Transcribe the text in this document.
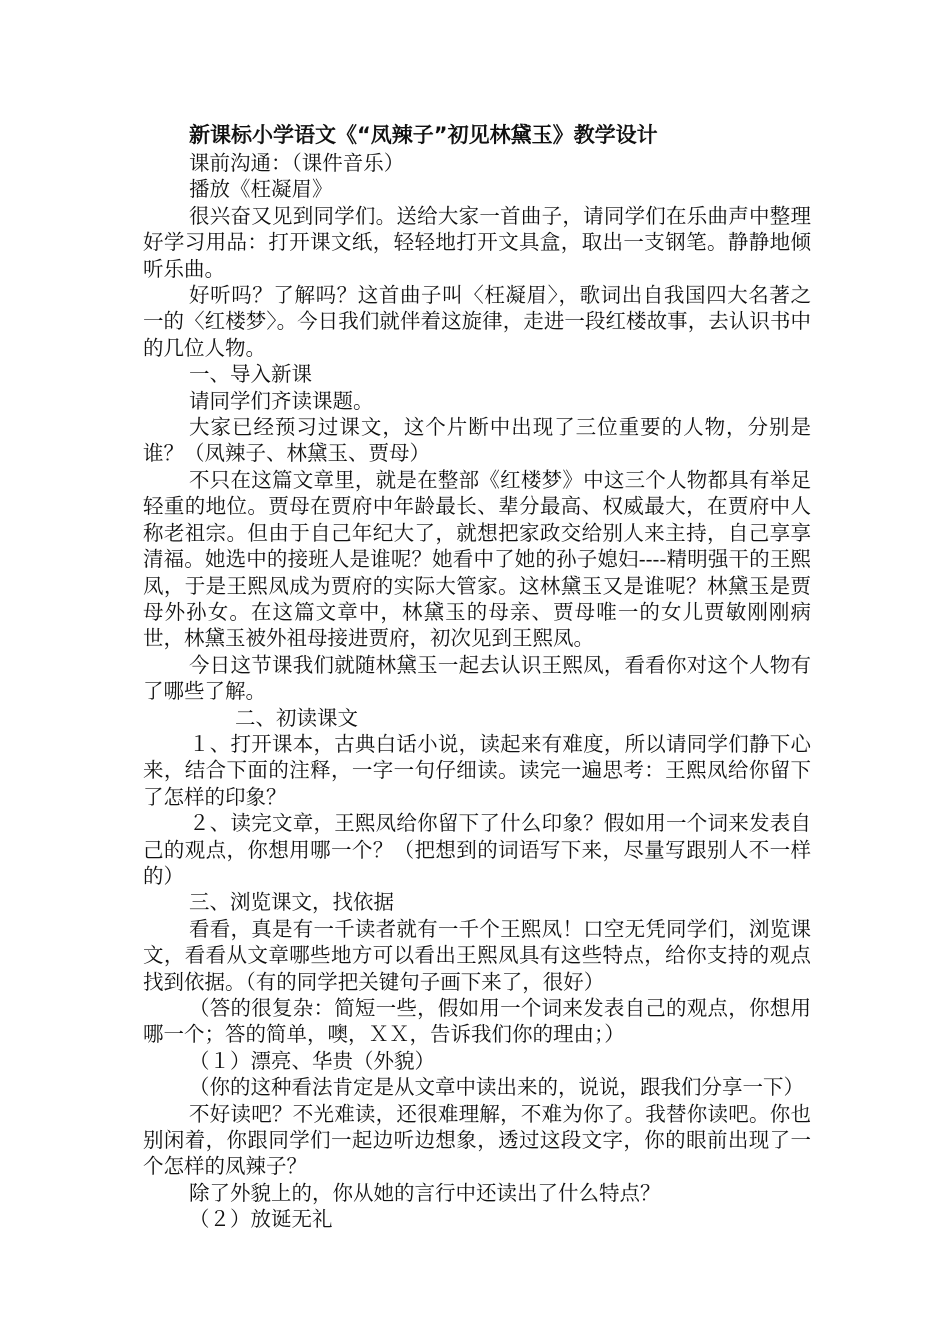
新课标小学语文《“凤辣子”初见林黛玉》教学设计

课前沟通：（课件音乐）

播放《枉凝眉》

很兴奋又见到同学们。送给大家一首曲子，请同学们在乐曲声中整理好学习用品：打开课文纸，轻轻地打开文具盒，取出一支钢笔。静静地倾听乐曲。

好听吗？了解吗？这首曲子叫〈枉凝眉〉，歌词出自我国四大名著之一的〈红楼梦〉。今日我们就伴着这旋律，走进一段红楼故事，去认识书中的几位人物。

一、导入新课

请同学们齐读课题。

大家已经预习过课文，这个片断中出现了三位重要的人物，分别是谁？（凤辣子、林黛玉、贾母）

不只在这篇文章里，就是在整部《红楼梦》中这三个人物都具有举足轻重的地位。贾母在贾府中年龄最长、辈分最高、权威最大，在贾府中人称老祖宗。但由于自己年纪大了，就想把家政交给别人来主持，自己享享清福。她选中的接班人是谁呢？她看中了她的孙子媳妇----精明强干的王熙凤，于是王熙凤成为贾府的实际大管家。这林黛玉又是谁呢？林黛玉是贾母外孙女。在这篇文章中，林黛玉的母亲、贾母唯一的女儿贾敏刚刚病世，林黛玉被外祖母接进贾府，初次见到王熙凤。

今日这节课我们就随林黛玉一起去认识王熙凤，看看你对这个人物有了哪些了解。

二、初读课文

１、打开课本，古典白话小说，读起来有难度，所以请同学们静下心来，结合下面的注释，一字一句仔细读。读完一遍思考：王熙凤给你留下了怎样的印象？

２、读完文章，王熙凤给你留下了什么印象？假如用一个词来发表自己的观点，你想用哪一个？（把想到的词语写下来，尽量写跟别人不一样的）

三、浏览课文，找依据

看看，真是有一千读者就有一千个王熙凤！口空无凭同学们，浏览课文，看看从文章哪些地方可以看出王熙凤具有这些特点，给你支持的观点找到依据。（有的同学把关键句子画下来了，很好）

（答的很复杂：简短一些，假如用一个词来发表自己的观点，你想用哪一个；答的简单，噢，ＸＸ，告诉我们你的理由；）

（１）漂亮、华贵（外貌）

（你的这种看法肯定是从文章中读出来的，说说，跟我们分享一下）

不好读吧？不光难读，还很难理解，不难为你了。我替你读吧。你也别闲着，你跟同学们一起边听边想象，透过这段文字，你的眼前出现了一个怎样的凤辣子？

除了外貌上的，你从她的言行中还读出了什么特点？

（２）放诞无礼
